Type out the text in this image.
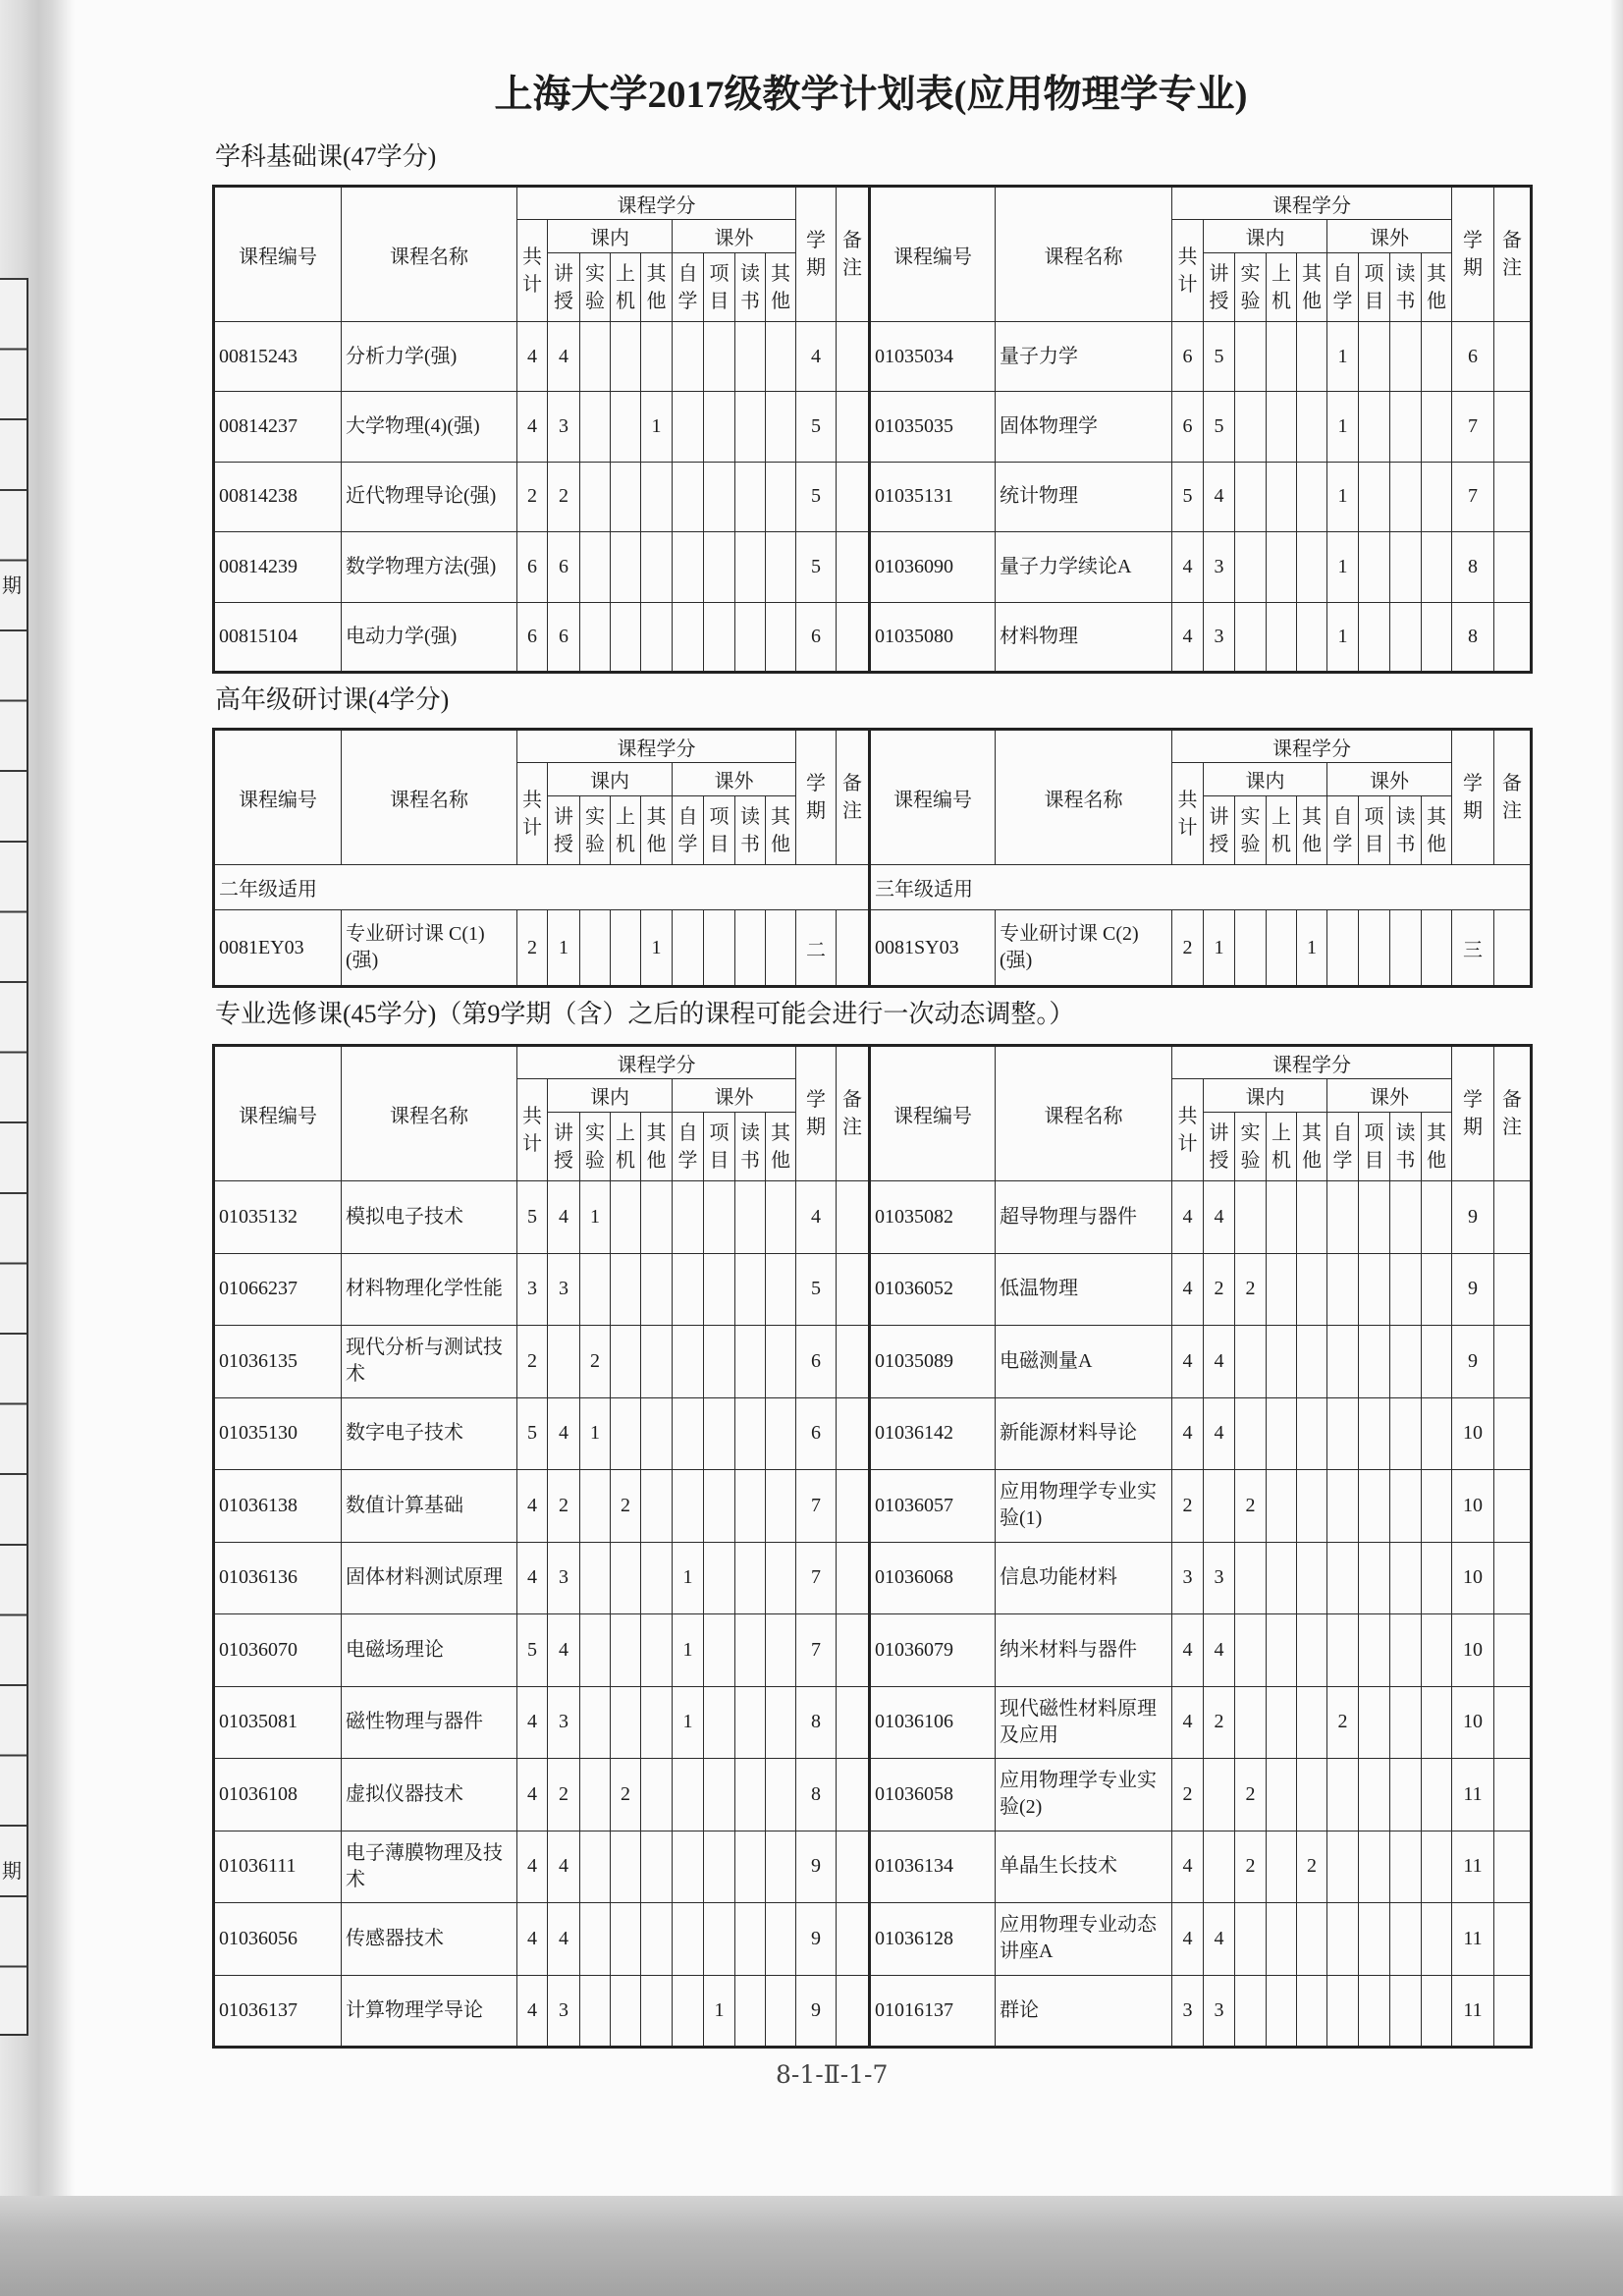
期
期
上海大学2017级教学计划表(应用物理学专业)
学科基础课(47学分)
课程编号	课程名称	课程学分									学期	备注	课程编号	课程名称	课程学分									学期	备注
		共计	课内				课外								共计	课内				课外					
			讲授	实验	上机	其他	自学	项目	读书	其他						讲授	实验	上机	其他	自学	项目	读书	其他		
00815243	分析力学(强)	4	4								4		01035034	量子力学	6	5				1				6	
00814237	大学物理(4)(强)	4	3			1					5		01035035	固体物理学	6	5				1				7	
00814238	近代物理导论(强)	2	2								5		01035131	统计物理	5	4				1				7	
00814239	数学物理方法(强)	6	6								5		01036090	量子力学续论A	4	3				1				8	
00815104	电动力学(强)	6	6								6		01035080	材料物理	4	3				1				8	
高年级研讨课(4学分)
课程编号	课程名称	课程学分									学期	备注	课程编号	课程名称	课程学分									学期	备注
		共计	课内				课外								共计	课内				课外					
			讲授	实验	上机	其他	自学	项目	读书	其他						讲授	实验	上机	其他	自学	项目	读书	其他		
二年级适用													三年级适用												
0081EY03	专业研讨课 C(1)(强)	2	1			1					二		0081SY03	专业研讨课 C(2)(强)	2	1			1					三	
专业选修课(45学分)（第9学期（含）之后的课程可能会进行一次动态调整。）
课程编号	课程名称	课程学分									学期	备注	课程编号	课程名称	课程学分									学期	备注
		共计	课内				课外								共计	课内				课外					
			讲授	实验	上机	其他	自学	项目	读书	其他						讲授	实验	上机	其他	自学	项目	读书	其他		
01035132	模拟电子技术	5	4	1							4		01035082	超导物理与器件	4	4								9	
01066237	材料物理化学性能	3	3								5		01036052	低温物理	4	2	2							9	
01036135	现代分析与测试技术	2		2							6		01035089	电磁测量A	4	4								9	
01035130	数字电子技术	5	4	1							6		01036142	新能源材料导论	4	4								10	
01036138	数值计算基础	4	2		2						7		01036057	应用物理学专业实验(1)	2		2							10	
01036136	固体材料测试原理	4	3				1				7		01036068	信息功能材料	3	3								10	
01036070	电磁场理论	5	4				1				7		01036079	纳米材料与器件	4	4								10	
01035081	磁性物理与器件	4	3				1				8		01036106	现代磁性材料原理及应用	4	2				2				10	
01036108	虚拟仪器技术	4	2		2						8		01036058	应用物理学专业实验(2)	2		2							11	
01036111	电子薄膜物理及技术	4	4								9		01036134	单晶生长技术	4		2		2					11	
01036056	传感器技术	4	4								9		01036128	应用物理专业动态讲座A	4	4								11	
01036137	计算物理学导论	4	3					1			9		01016137	群论	3	3								11	
8-1-Ⅱ-1-7
